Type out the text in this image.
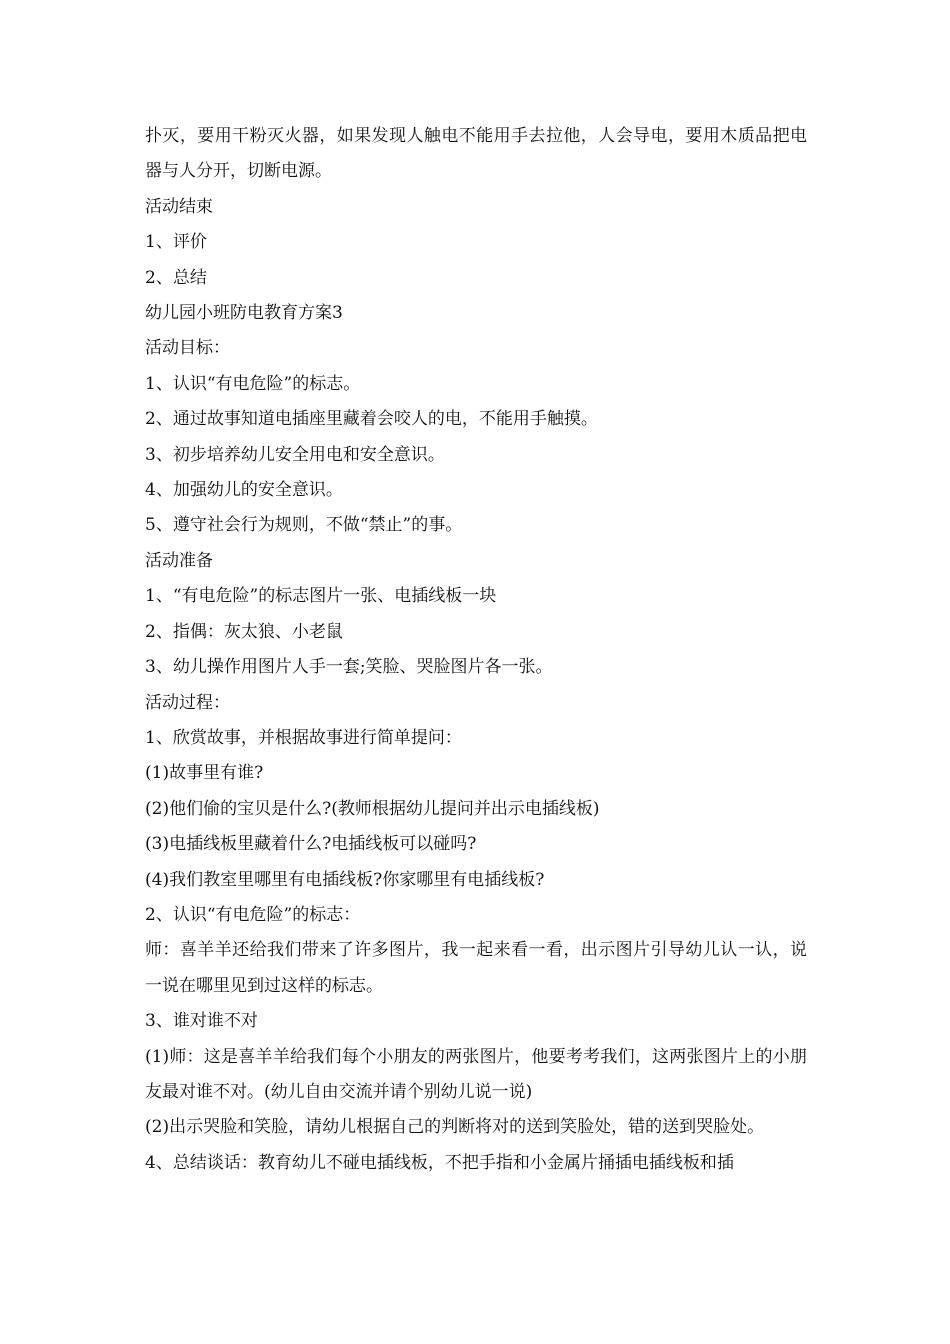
扑灭，要用干粉灭火器，如果发现人触电不能用手去拉他，人会导电，要用木质品把电器与人分开，切断电源。

活动结束

1、评价

2、总结

幼儿园小班防电教育方案3

活动目标：

1、认识“有电危险”的标志。

2、通过故事知道电插座里藏着会咬人的电，不能用手触摸。

3、初步培养幼儿安全用电和安全意识。

4、加强幼儿的安全意识。

5、遵守社会行为规则，不做“禁止”的事。

活动准备

1、“有电危险”的标志图片一张、电插线板一块

2、指偶：灰太狼、小老鼠

3、幼儿操作用图片人手一套;笑脸、哭脸图片各一张。

活动过程：

1、欣赏故事，并根据故事进行简单提问：

(1)故事里有谁?

(2)他们偷的宝贝是什么?(教师根据幼儿提问并出示电插线板)

(3)电插线板里藏着什么?电插线板可以碰吗?

(4)我们教室里哪里有电插线板?你家哪里有电插线板?

2、认识“有电危险”的标志：

师：喜羊羊还给我们带来了许多图片，我一起来看一看，出示图片引导幼儿认一认，说一说在哪里见到过这样的标志。

3、谁对谁不对

(1)师：这是喜羊羊给我们每个小朋友的两张图片，他要考考我们，这两张图片上的小朋友最对谁不对。(幼儿自由交流并请个别幼儿说一说)

(2)出示哭脸和笑脸，请幼儿根据自己的判断将对的送到笑脸处，错的送到哭脸处。

4、总结谈话：教育幼儿不碰电插线板，不把手指和小金属片捅插电插线板和插
